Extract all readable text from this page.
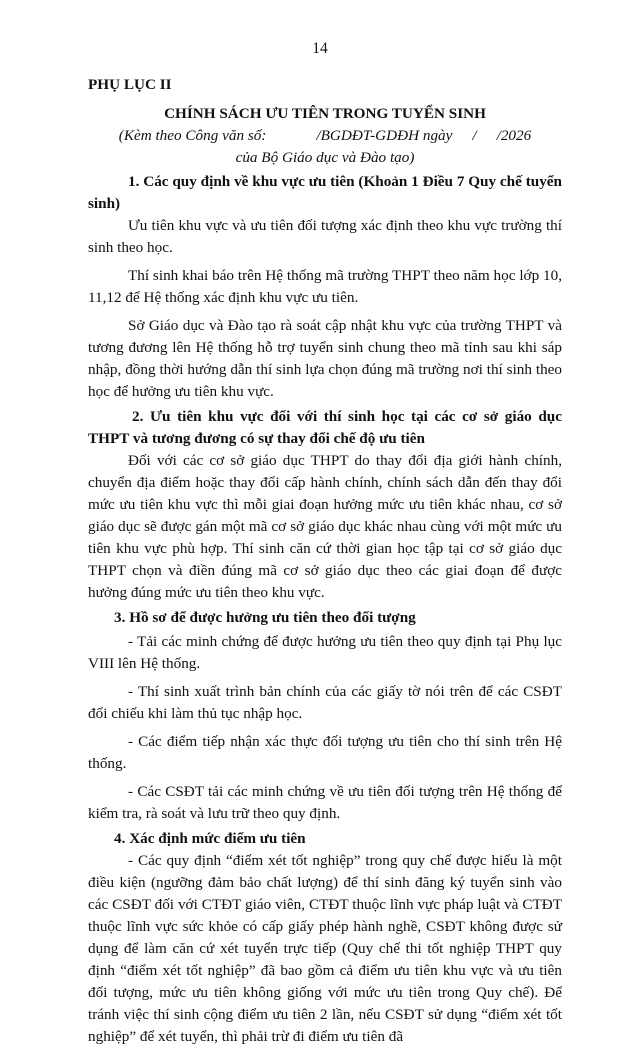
14

PHỤ LỤC II

CHÍNH SÁCH ƯU TIÊN TRONG TUYỂN SINH

(Kèm theo Công văn số:	/BGDĐT-GDĐH ngày / /2026

của Bộ Giáo dục và Đào tạo)

1. Các quy định về khu vực ưu tiên (Khoản 1 Điều 7 Quy chế tuyển sinh)

Ưu tiên khu vực và ưu tiên đối tượng xác định theo khu vực trường thí sinh theo học.

Thí sinh khai báo trên Hệ thống mã trường THPT theo năm học lớp 10, 11,12 để Hệ thống xác định khu vực ưu tiên.

Sở Giáo dục và Đào tạo rà soát cập nhật khu vực của trường THPT và tương đương lên Hệ thống hỗ trợ tuyển sinh chung theo mã tỉnh sau khi sáp nhập, đồng thời hướng dẫn thí sinh lựa chọn đúng mã trường nơi thí sinh theo học để hưởng ưu tiên khu vực.

2. Ưu tiên khu vực đối với thí sinh học tại các cơ sở giáo dục THPT và tương đương có sự thay đổi chế độ ưu tiên

Đối với các cơ sở giáo dục THPT do thay đổi địa giới hành chính, chuyển địa điểm hoặc thay đổi cấp hành chính, chính sách dẫn đến thay đổi mức ưu tiên khu vực thì mỗi giai đoạn hưởng mức ưu tiên khác nhau, cơ sở giáo dục sẽ được gán một mã cơ sở giáo dục khác nhau cùng với một mức ưu tiên khu vực phù hợp. Thí sinh căn cứ thời gian học tập tại cơ sở giáo dục THPT chọn và điền đúng mã cơ sở giáo dục theo các giai đoạn để được hưởng đúng mức ưu tiên theo khu vực.

3. Hồ sơ để được hưởng ưu tiên theo đối tượng

- Tải các minh chứng để được hưởng ưu tiên theo quy định tại Phụ lục VIII lên Hệ thống.

- Thí sinh xuất trình bản chính của các giấy tờ nói trên để các CSĐT đối chiếu khi làm thủ tục nhập học.

- Các điểm tiếp nhận xác thực đối tượng ưu tiên cho thí sinh trên Hệ thống.

- Các CSĐT tải các minh chứng về ưu tiên đối tượng trên Hệ thống để kiểm tra, rà soát và lưu trữ theo quy định.

4. Xác định mức điểm ưu tiên

- Các quy định “điểm xét tốt nghiệp” trong quy chế được hiểu là một điều kiện (ngưỡng đảm bảo chất lượng) để thí sinh đăng ký tuyển sinh vào các CSĐT đối với CTĐT giáo viên, CTĐT thuộc lĩnh vực pháp luật và CTĐT thuộc lĩnh vực sức khỏe có cấp giấy phép hành nghề, CSĐT không được sử dụng để làm căn cứ xét tuyển trực tiếp (Quy chế thi tốt nghiệp THPT quy định “điểm xét tốt nghiệp” đã bao gồm cả điểm ưu tiên khu vực và ưu tiên đối tượng, mức ưu tiên không giống với mức ưu tiên trong Quy chế). Để tránh việc thí sinh cộng điểm ưu tiên 2 lần, nếu CSĐT sử dụng “điểm xét tốt nghiệp” để xét tuyển, thì phải trừ đi điểm ưu tiên đã
